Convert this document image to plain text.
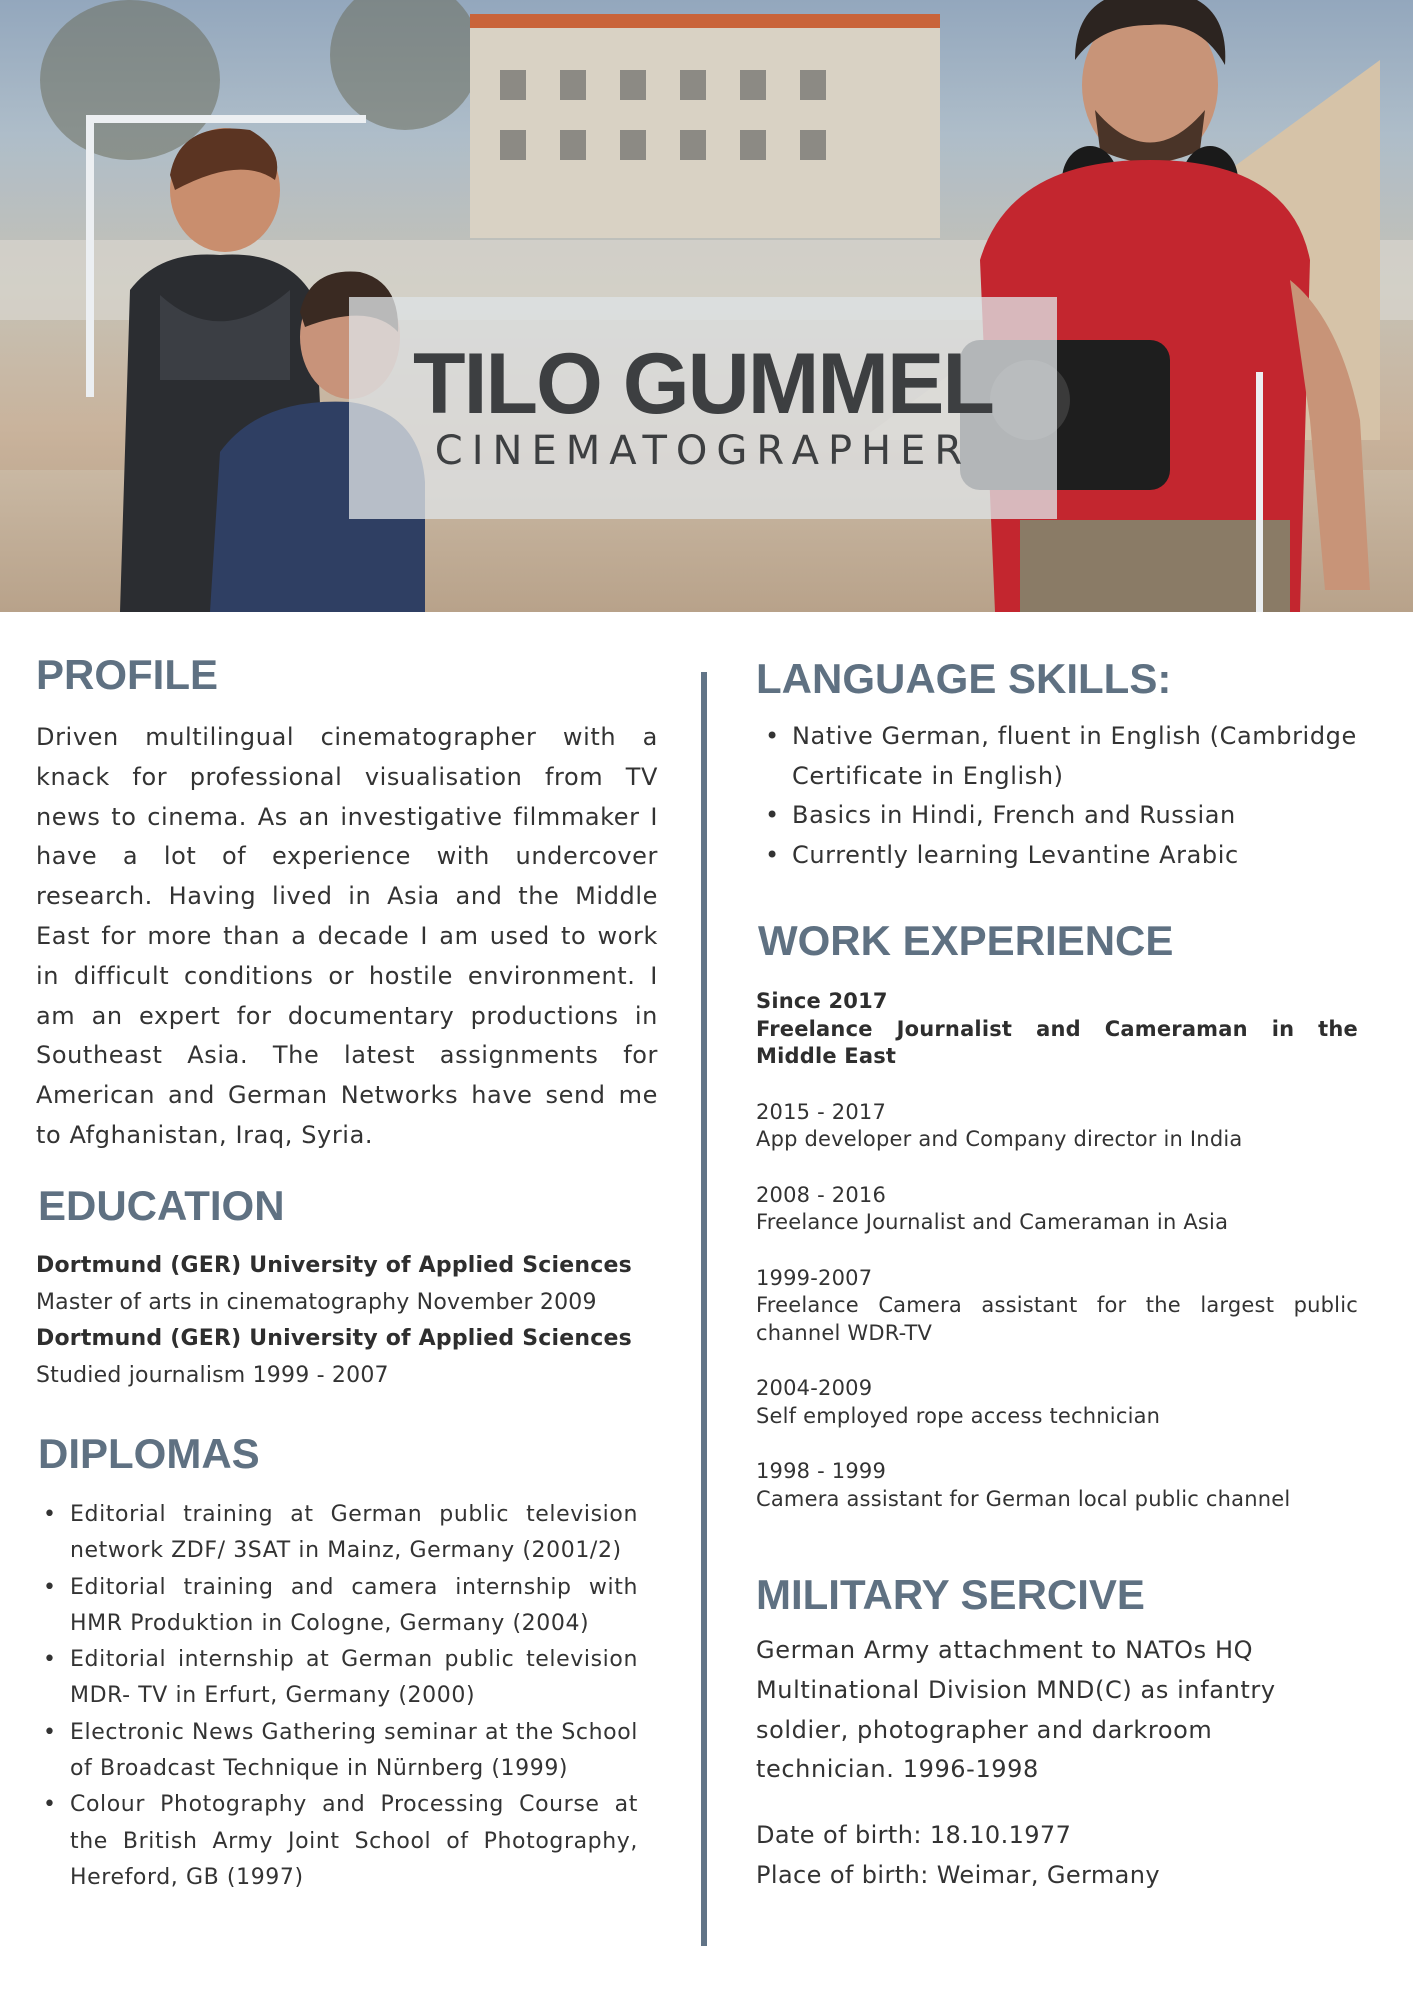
TILO GUMMEL
CINEMATOGRAPHER
PROFILE

Driven multilingual cinematographer with a knack for professional visualisation from TV news to cinema. As an investigative filmmaker I have a lot of experience with undercover research. Having lived in Asia and the Middle East for more than a decade I am used to work in difficult conditions or hostile environment. I am an expert for documentary productions in Southeast Asia. The latest assignments for American and German Networks have send me to Afghanistan, Iraq, Syria.

EDUCATION
Dortmund (GER) University of Applied Sciences
Master of arts in cinematography November 2009
Dortmund (GER) University of Applied Sciences
Studied journalism 1999 - 2007
DIPLOMAS
• Editorial training at German public television network ZDF/ 3SAT in Mainz, Germany (2001/2)
• Editorial training and camera internship with HMR Produktion in Cologne, Germany (2004)
• Editorial internship at German public television MDR- TV in Erfurt, Germany (2000)
• Electronic News Gathering seminar at the School of Broadcast Technique in Nürnberg (1999)
• Colour Photography and Processing Course at the British Army Joint School of Photography, Hereford, GB (1997)
LANGUAGE SKILLS:
• Native German, fluent in English (Cambridge Certificate in English)
• Basics in Hindi, French and Russian
• Currently learning Levantine Arabic
WORK EXPERIENCE
Since 2017
Freelance Journalist and Cameraman in the Middle East
2015 - 2017
App developer and Company director in India
2008 - 2016
Freelance Journalist and Cameraman in Asia
1999-2007
Freelance Camera assistant for the largest public channel WDR-TV
2004-2009
Self employed rope access technician
1998 - 1999
Camera assistant for German local public channel
MILITARY SERCIVE

German Army attachment to NATOs HQ Multinational Division MND(C) as infantry soldier, photographer and darkroom technician. 1996-1998

Date of birth: 18.10.1977
Place of birth: Weimar, Germany
